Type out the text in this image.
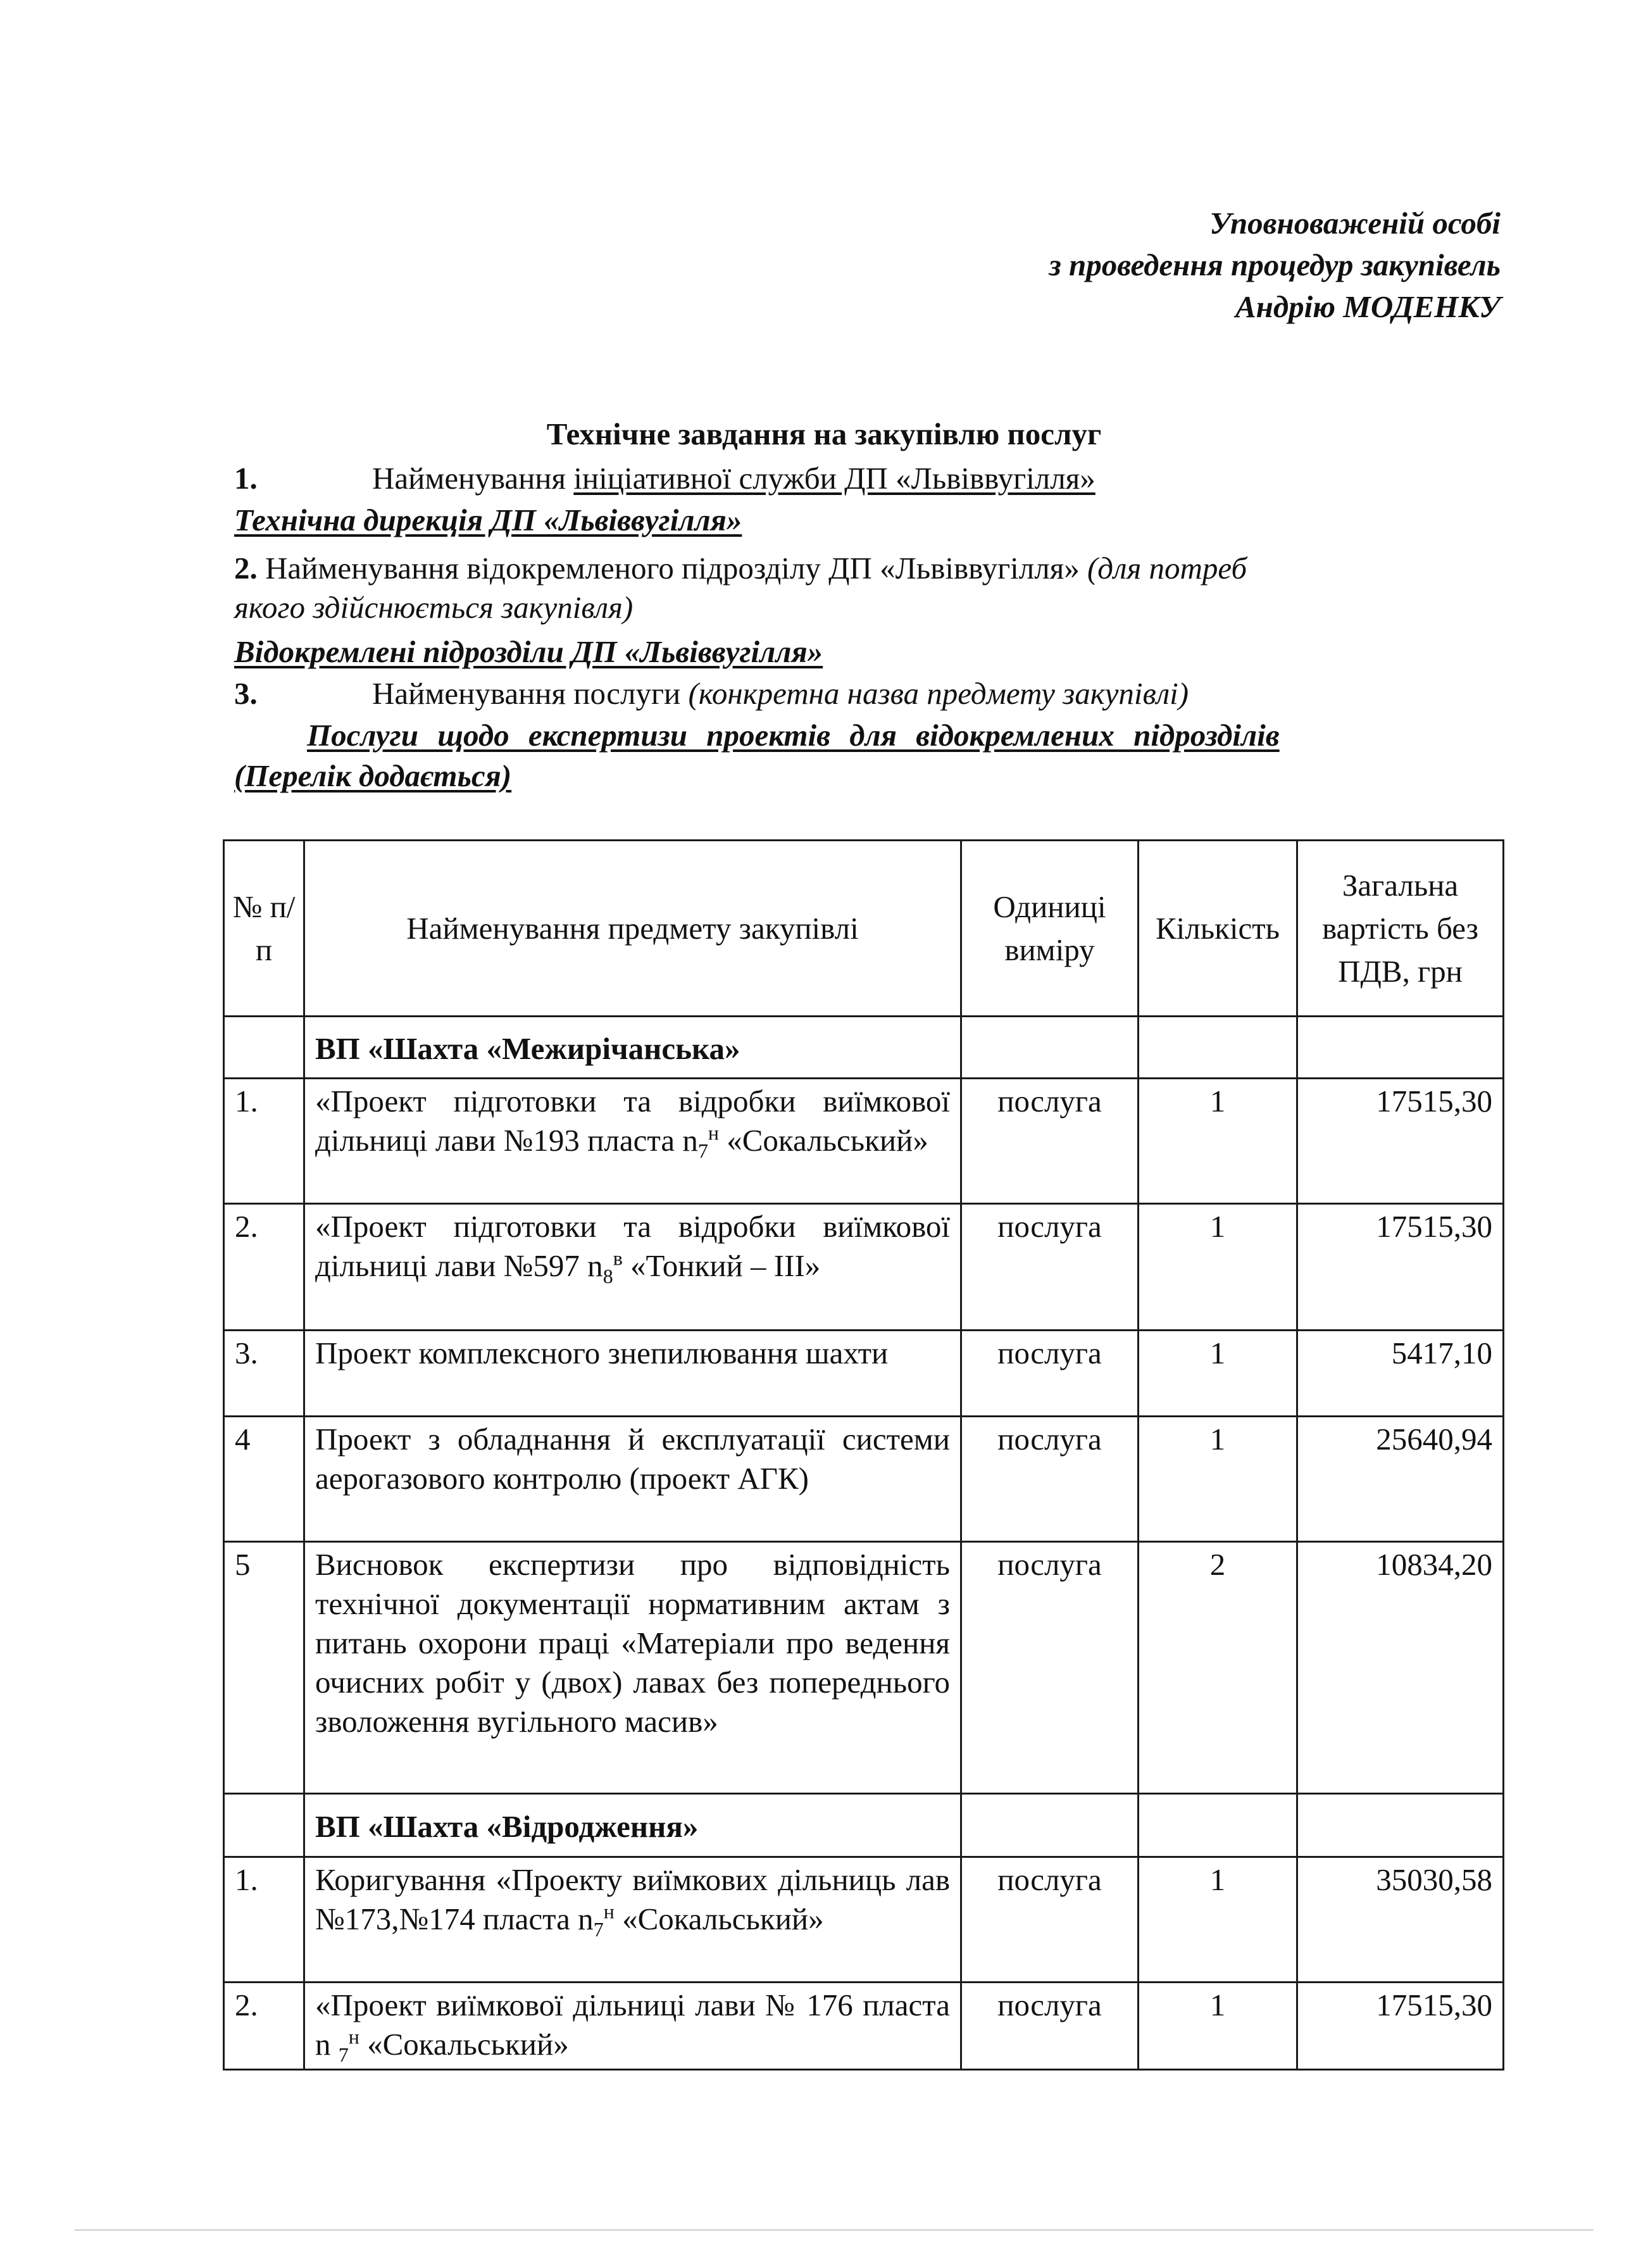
Уповноваженій особі
з проведення процедур закупівель
Андрію МОДЕНКУ
Технічне завдання на закупівлю послуг
1.	Найменування ініціативної служби ДП «Львіввугілля»
Технічна дирекція ДП «Львіввугілля»
2. Найменування відокремленого підрозділу ДП «Львіввугілля» (для потреб
якого здійснюється закупівля)
Відокремлені підрозділи ДП «Львіввугілля»
3.	Найменування послуги (конкретна назва предмету закупівлі)
Послуги щодо експертизи проектів для відокремлених підрозділів
(Перелік додається)
№ п/п	Найменування предмету закупівлі	Одиниці виміру	Кількість	Загальна вартість без ПДВ, грн
	ВП «Шахта «Межирічанська»			
1.	«Проект підготовки та відробки виїмкової дільниці лави №193 пласта $n_7^н$ «Сокальський»	послуга	1	17515,30
2.	«Проект підготовки та відробки виїмкової дільниці лави №597 $n_8^в$ «Тонкий – ІІІ»	послуга	1	17515,30
3.	Проект комплексного знепилювання шахти	послуга	1	5417,10
4	Проект з обладнання й експлуатації системи аерогазового контролю (проект АГК)	послуга	1	25640,94
5	Висновок експертизи про відповідність технічної документації нормативним актам з питань охорони праці «Матеріали про ведення очисних робіт у (двох) лавах без попереднього зволоження вугільного масив»	послуга	2	10834,20
	ВП «Шахта «Відродження»			
1.	Коригування «Проекту виїмкових дільниць лав №173,№174 пласта $n_7^н$ «Сокальський»	послуга	1	35030,58
2.	«Проект виїмкової дільниці лави № 176 пласта n $_7^н$ «Сокальський»	послуга	1	17515,30
